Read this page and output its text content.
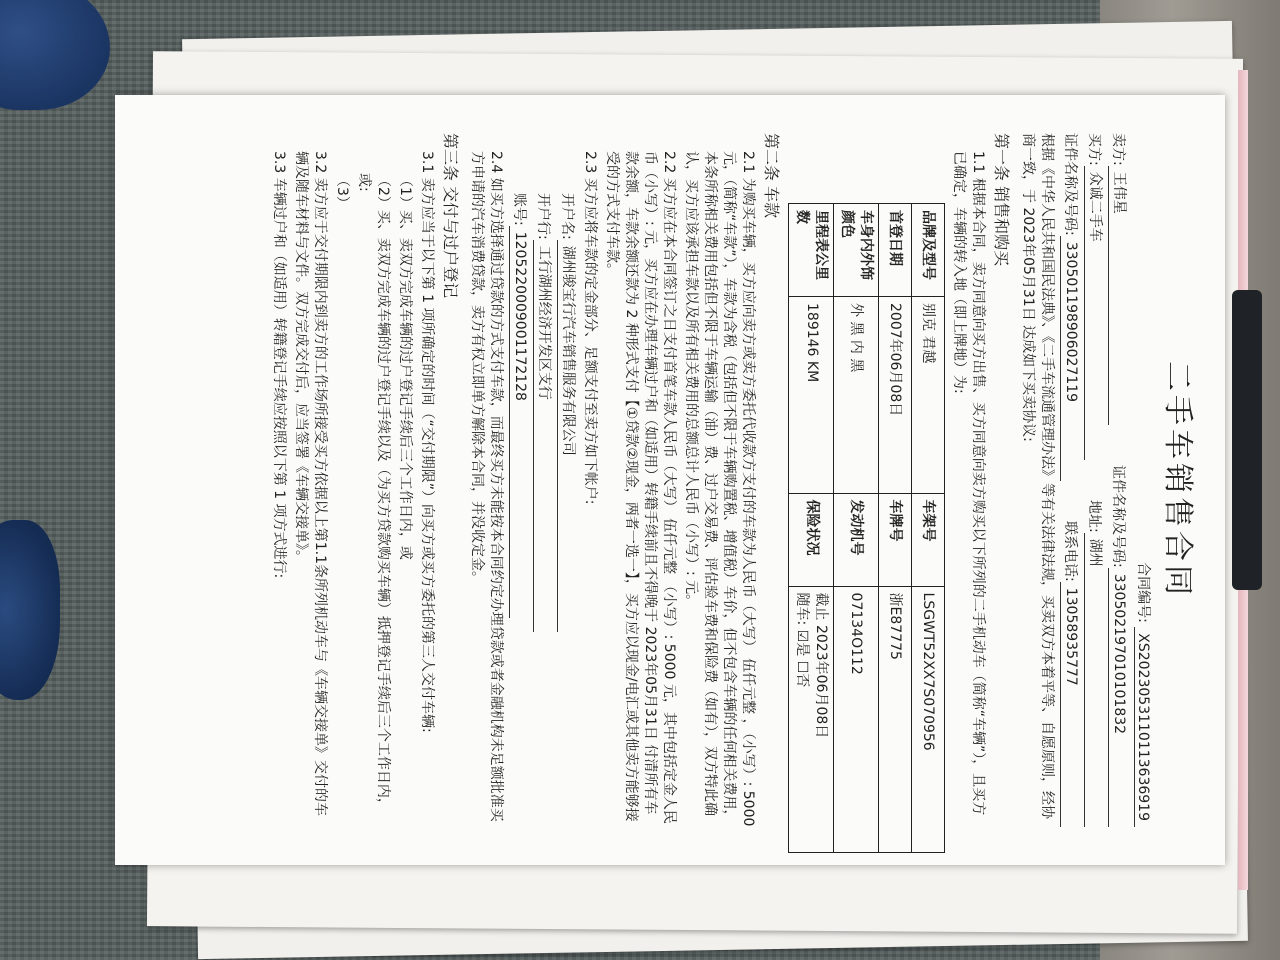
二手车销售合同
合同编号: XS2023053110113636919
卖方:
王伟星
证件名称及号码:
330502197010101832
买方:
众诚二手车
地址:
湖州
证件名称及号码:
330501198906027119
联系电话:
13058935777
根据《中华人民共和国民法典》、《二手车流通管理办法》等有关法律法规，买卖双方本着平等、自愿原则，经协商一致，于 2023年05月31日 达成如下买卖协议:
第一条 销售和购买
1.1 根据本合同，卖方同意向买方出售、买方同意向卖方购买以下所列的二手机动车（简称“车辆”），且买方已确定，车辆的转入地（即上牌地）为:
品牌及型号	别克 君越	车架号	LSGWT52XX7S070956
首登日期	2007年06月08日	车牌号	浙E87775
车身内外饰颜色	外 黑 内 黑	发动机号	07134O112
里程表公里数	189146 KM	保险状况	截止 2023年06月08日
随车: ☑是 ☐否
第二条 车款
2.1 为购买车辆，买方应向卖方或卖方委托代收款方支付的车款为人民币（大写） 伍仟元整 ，（小写）: 5000 元，（简称“车款”），车款为含税（包括但不限于车辆购置税、增值税）车价，但不包含车辆的任何相关费用，本条所称相关费用包括但不限于车辆运输（油）费、过户交易费、评估验车费和保险费（如有），双方特此确认，买方应该承担车款以及所有相关费用的总额总计人民币（小写）: 元。
2.2 买方应在本合同签订之日支付首笔车款人民币（大写） 伍仟元整 （小写）: 5000 元，其中包括定金人民币（小写）: 元，买方应在办理车辆过户和（如适用）转籍手续前且不得晚于 2023年05月31日 付清所有车款余额，车款余额还款为 2 种形式支付【①贷款②现金，两者一选一】，买方应以现金/电汇或其他卖方能够接受的方式支付车款。
2.3 买方应将车款的定金部分、足额支付至卖方如下帐户:
开户名:
湖州骏宝行汽车销售服务有限公司
开户行:
工行湖州经济开发区支行
账号:
1205220009001172128
2.4 如买方选择通过贷款的方式支付车款，而最终买方未能按本合同约定办理贷款或者金融机构未足额批准买方申请的汽车消费贷款，卖方有权立即单方解除本合同，并没收定金。
第三条 交付与过户登记
3.1 卖方应当于以下第 1 项所确定的时间（“交付期限”）向买方或买方委托的第三人交付车辆:
（1）买、卖双方完成车辆的过户登记手续后三个工作日内，或
（2）买、卖双方完成车辆的过户登记手续以及（为买方贷款购买车辆）抵押登记手续后三个工作日内，或:
（3）
3.2 卖方应于交付期限内到卖方的工作场所接受买方依据以上第1.1条所列机动车与《车辆交接单》交付的车辆及随车材料与文件。双方完成交付后，应当签署《车辆交接单》。
3.3 车辆过户和（如适用）转籍登记手续应按照以下第 1 项方式进行:
